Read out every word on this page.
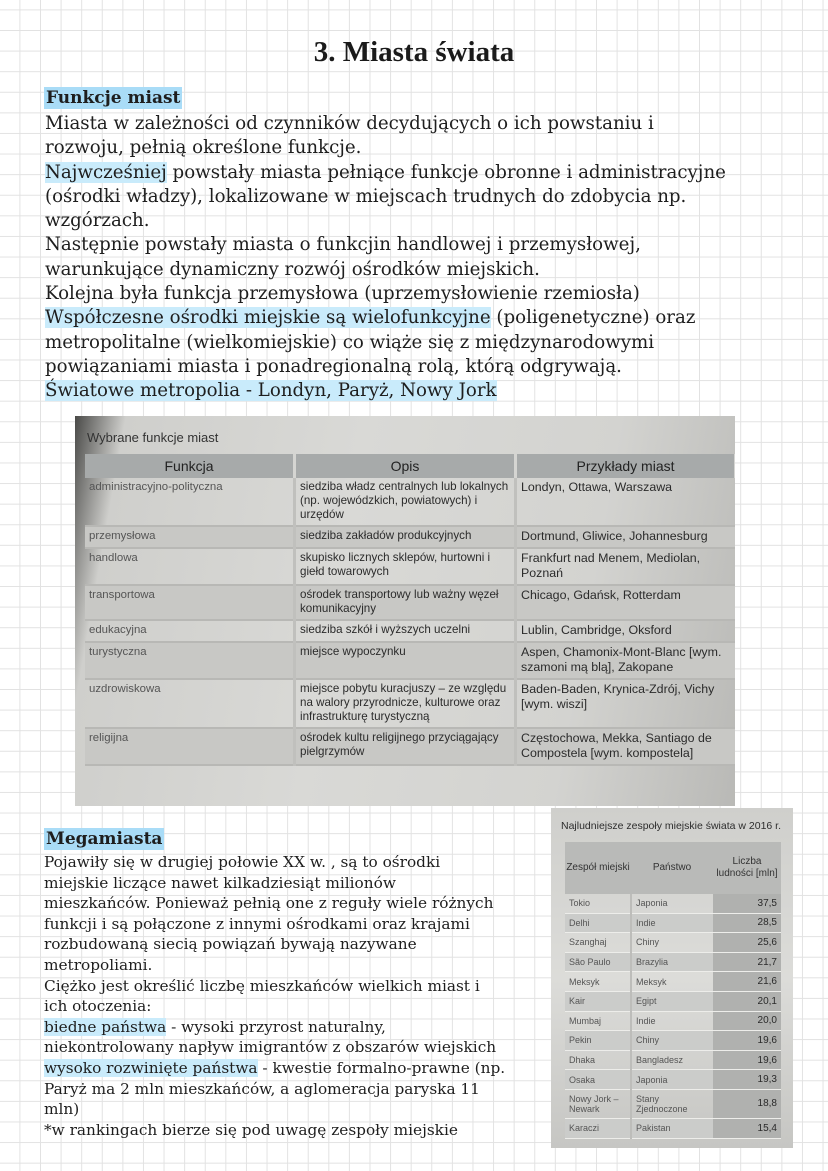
3. Miasta świata
Funkcje miast
Miasta w zależności od czynników decydujących o ich powstaniu i
rozwoju, pełnią określone funkcje.
Najwcześniej powstały miasta pełniące funkcje obronne i administracyjne
(ośrodki władzy), lokalizowane w miejscach trudnych do zdobycia np.
wzgórzach.
Następnie powstały miasta o funkcjin handlowej i przemysłowej,
warunkujące dynamiczny rozwój ośrodków miejskich.
Kolejna była funkcja przemysłowa (uprzemysłowienie rzemiosła)
Współczesne ośrodki miejskie są wielofunkcyjne (poligenetyczne) oraz
metropolitalne (wielkomiejskie) co wiąże się z międzynarodowymi
powiązaniami miasta i ponadregionalną rolą, którą odgrywają.
Światowe metropolia - Londyn, Paryż, Nowy Jork
Wybrane funkcje miast
Funkcja	Opis	Przykłady miast
administracyjno-polityczna	siedziba władz centralnych lub lokalnych (np. wojewódzkich, powiatowych) i urzędów	Londyn, Ottawa, Warszawa
przemysłowa	siedziba zakładów produkcyjnych	Dortmund, Gliwice, Johannesburg
handlowa	skupisko licznych sklepów, hurtowni i giełd towarowych	Frankfurt nad Menem, Mediolan, Poznań
transportowa	ośrodek transportowy lub ważny węzeł komunikacyjny	Chicago, Gdańsk, Rotterdam
edukacyjna	siedziba szkół i wyższych uczelni	Lublin, Cambridge, Oksford
turystyczna	miejsce wypoczynku	Aspen, Chamonix-Mont-Blanc [wym. szamoni mą blą], Zakopane
uzdrowiskowa	miejsce pobytu kuracjuszy – ze względu na walory przyrodnicze, kulturowe oraz infrastrukturę turystyczną	Baden-Baden, Krynica-Zdrój, Vichy [wym. wiszi]
religijna	ośrodek kultu religijnego przyciągający pielgrzymów	Częstochowa, Mekka, Santiago de Compostela [wym. kompostela]
Megamiasta
Pojawiły się w drugiej połowie XX w. , są to ośrodki
miejskie liczące nawet kilkadziesiąt milionów
mieszkańców. Ponieważ pełnią one z reguły wiele różnych
funkcji i są połączone z innymi ośrodkami oraz krajami
rozbudowaną siecią powiązań bywają nazywane
metropoliami.
Ciężko jest określić liczbę mieszkańców wielkich miast i
ich otoczenia:
biedne państwa - wysoki przyrost naturalny,
niekontrolowany napływ imigrantów z obszarów wiejskich
wysoko rozwinięte państwa - kwestie formalno-prawne (np.
Paryż ma 2 mln mieszkańców, a aglomeracja paryska 11
mln)
*w rankingach bierze się pod uwagę zespoły miejskie
Najludniejsze zespoły miejskie świata w 2016 r.
Zespół miejski	Państwo	Liczba ludności [mln]
Tokio	Japonia	37,5
Delhi	Indie	28,5
Szanghaj	Chiny	25,6
São Paulo	Brazylia	21,7
Meksyk	Meksyk	21,6
Kair	Egipt	20,1
Mumbaj	Indie	20,0
Pekin	Chiny	19,6
Dhaka	Bangladesz	19,6
Osaka	Japonia	19,3
Nowy Jork – Newark	Stany Zjednoczone	18,8
Karaczi	Pakistan	15,4
